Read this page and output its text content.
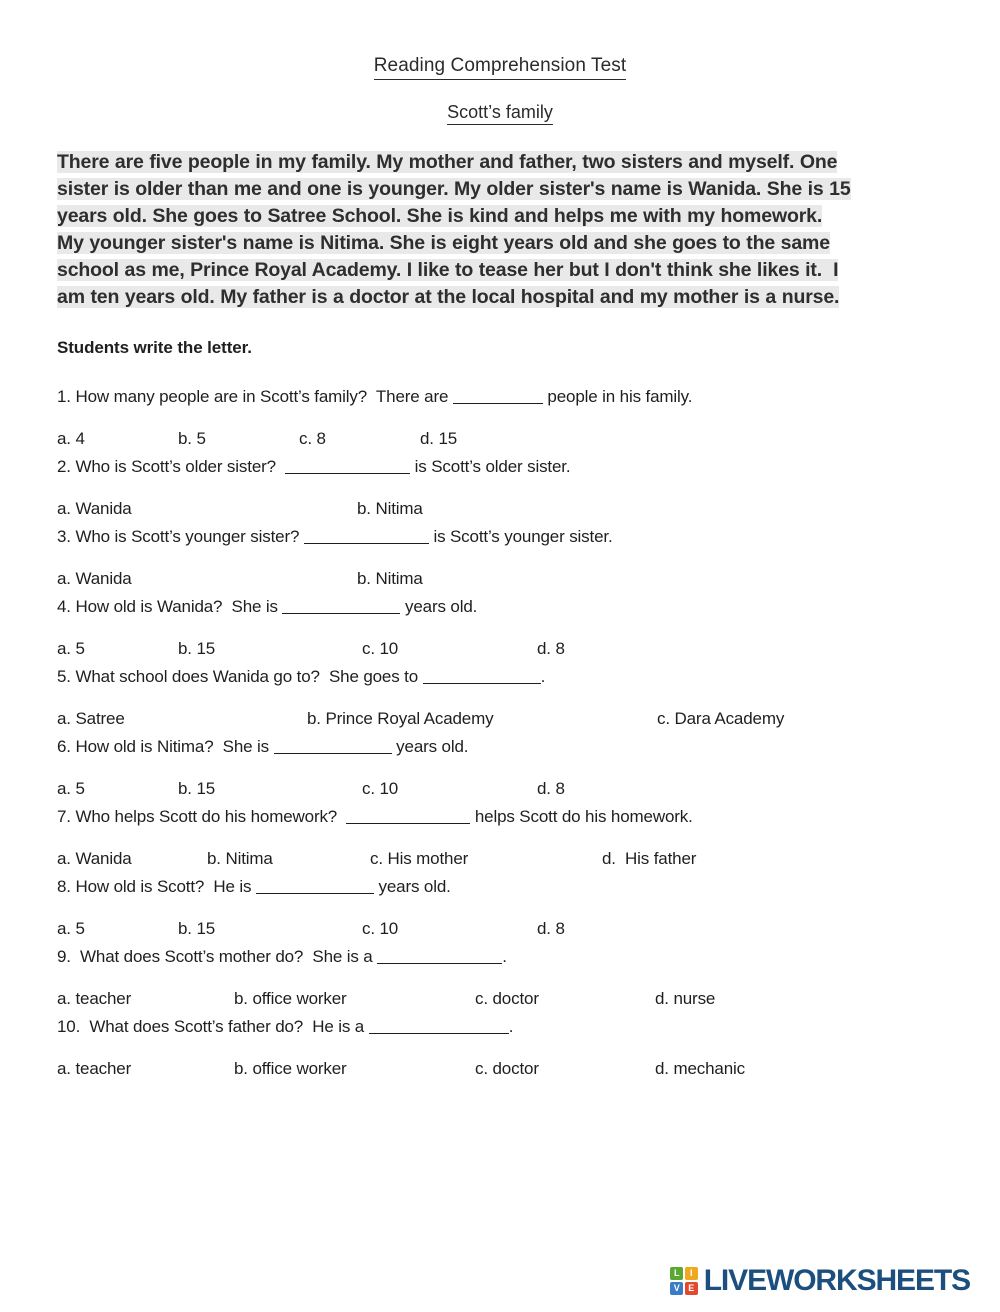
Reading Comprehension Test
Scott’s family
There are five people in my family. My mother and father, two sisters and myself. One
sister is older than me and one is younger. My older sister's name is Wanida. She is 15
years old. She goes to Satree School. She is kind and helps me with my homework.
My younger sister's name is Nitima. She is eight years old and she goes to the same
school as me, Prince Royal Academy. I like to tease her but I don't think she likes it.  I
am ten years old. My father is a doctor at the local hospital and my mother is a nurse.
Students write the letter.
1. How many people are in Scott’s family?  There are	people in his family.
a. 4	b. 5	c. 8	d. 15
2. Who is Scott’s older sister?	is Scott’s older sister.
a. Wanida	b. Nitima
3. Who is Scott’s younger sister?	is Scott’s younger sister.
a. Wanida	b. Nitima
4. How old is Wanida?  She is	years old.
a. 5	b. 15	c. 10	d. 8
5. What school does Wanida go to?  She goes to	.
a. Satree	b. Prince Royal Academy	c. Dara Academy
6. How old is Nitima?  She is	years old.
a. 5	b. 15	c. 10	d. 8
7. Who helps Scott do his homework?	helps Scott do his homework.
a. Wanida	b. Nitima	c. His mother	d.  His father
8. How old is Scott?  He is	years old.
a. 5	b. 15	c. 10	d. 8
9.  What does Scott’s mother do?  She is a	.
a. teacher	b. office worker	c. doctor	d. nurse
10.  What does Scott’s father do?  He is a	.
a. teacher	b. office worker	c. doctor	d. mechanic
L	I
V E LIVEWORKSHEETS
